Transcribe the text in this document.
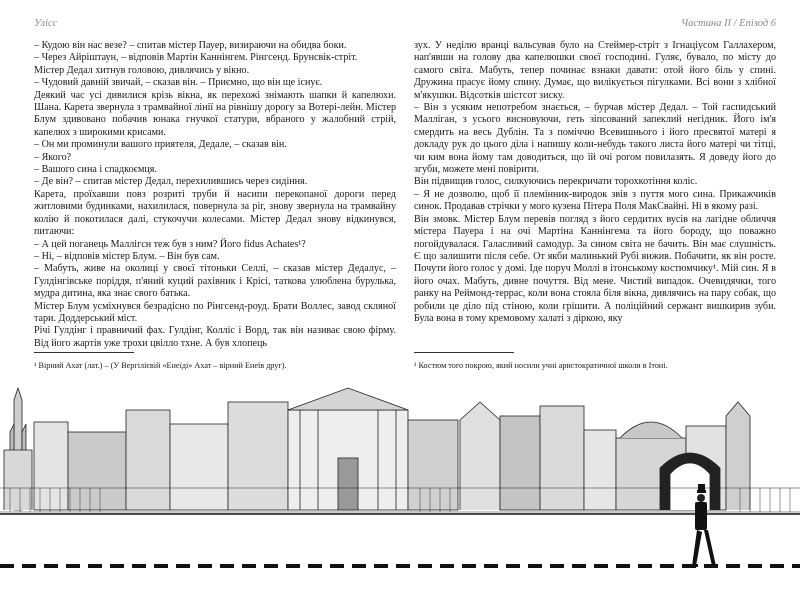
Улісс

– Кудою він нас везе? – спитав містер Пауер, визираючи на обидва боки.

– Через Айріштаун, – відповів Мартін Каннінгем. Рінгсенд. Брунсвік-стріт.

Містер Дедал хитнув головою, дивлячись у вікно.

– Чудовий давній звичай, – сказав він. – Приємно, що він ще існує.

Деякий час усі дивилися крізь вікна, як перехожі знімають шапки й капелюхи. Шана. Карета звернула з трамвайної лінії на рівнішу дорогу за Вотері-лейн. Містер Блум здивовано побачив юнака гнучкої статури, вбраного у жалобний стрій, капелюх з широкими крисами.

– Он ми проминули вашого приятеля, Дедале, – сказав він.

– Якого?

– Вашого сина і спадкоємця.

– Де він? – спитав містер Дедал, перехилившись через сидіння.

Карета, проїхавши повз розриті труби й насипи перекопаної дороги перед житловими будинками, нахилилася, повернула за ріг, знову звернула на трамвайну колію й покотилася далі, стукочучи колесами. Містер Дедал знову відкинувся, питаючи:

– А цей поганець Маллігсн теж був з ним? Його fidus Achates¹?

– Ні, – відповів містер Блум. – Він був сам.

– Мабуть, живе на околиці у своєї тітоньки Селлі, – сказав містер Дедалус, – Гулдінгівське поріддя, п'яний куций рахівник і Крісі, таткова улюблена бурулька, мудра дитина, яка знає свого батька.

Містер Блум усміхнувся безрадісно по Рінгсенд-роуд. Брати Воллес, завод скляної тари. Доддерський міст.

Річі Гулдінг і правничий фах. Гулдінг, Колліс і Ворд, так він називає свою фірму. Від його жартів уже трохи цвілло тхне. А був хлопець

¹ Вірний Ахат (лат.) – (У Вергілієвій «Енеїді» Ахат – вірний Енеїв друг).
Частина ІІ / Епізод 6

зух. У неділю вранці вальсував було на Стеймер-стріт з Ігнаціусом Галлахером, нап'явши на голову два капелюшки своєї господині. Гуляє, бувало, по місту до самого світа. Мабуть, тепер починає взнаки давати: отой його біль у спині. Дружина прасує йому спину. Думає, що вилікується пігулками. Всі вони з хлібної м'якушки. Відсотків шістсот зиску.

– Він з усяким непотребом знається, – бурчав містер Дедал. – Той гаспидський Малліган, з усього висновуючи, геть зіпсований запеклий негідник. Його ім'я смердить на весь Дублін. Та з поміччю Всевишнього і його пресвятої матері я докладу рук до цього діла і напишу коли-небудь такого листа його матері чи тітці, чи ким вона йому там доводиться, що їй очі рогом повилазять. Я доведу його до згуби, можете мені повірити.

Він підвищив голос, силкуючись перекричати торохкотіння коліс.

– Я не дозволю, щоб її племінник-виродок звів з пуття мого сина. Прикажчиків синок. Продавав стрічки у мого кузена Пітера Поля МакСвайні. Ні в якому разі.

Він змовк. Містер Блум перевів погляд з його сердитих вусів на лагідне обличчя містера Пауера і на очі Мартіна Каннінгема та його бороду, що поважно погойдувалася. Галасливий самодур. За сином світа не бачить. Він має слушність. Є що залишити після себе. От якби малинький Рубі вижив. Побачити, як він росте. Почути його голос у домі. Іде поруч Моллі в ітонському костюмчику¹. Мій син. Я в його очах. Мабуть, дивне почуття. Від мене. Чистий випадок. Очевидячки, того ранку на Реймонд-террас, коли вона стояла біля вікна, дивлячись на пару собак, що робили це діло під стіною, коли грішити. А поліційний сержант вишкирив зуби. Була вона в тому кремовому халаті з діркою, яку

¹ Костюм того покрою, який носили учні аристократичної школи в Ітоні.
